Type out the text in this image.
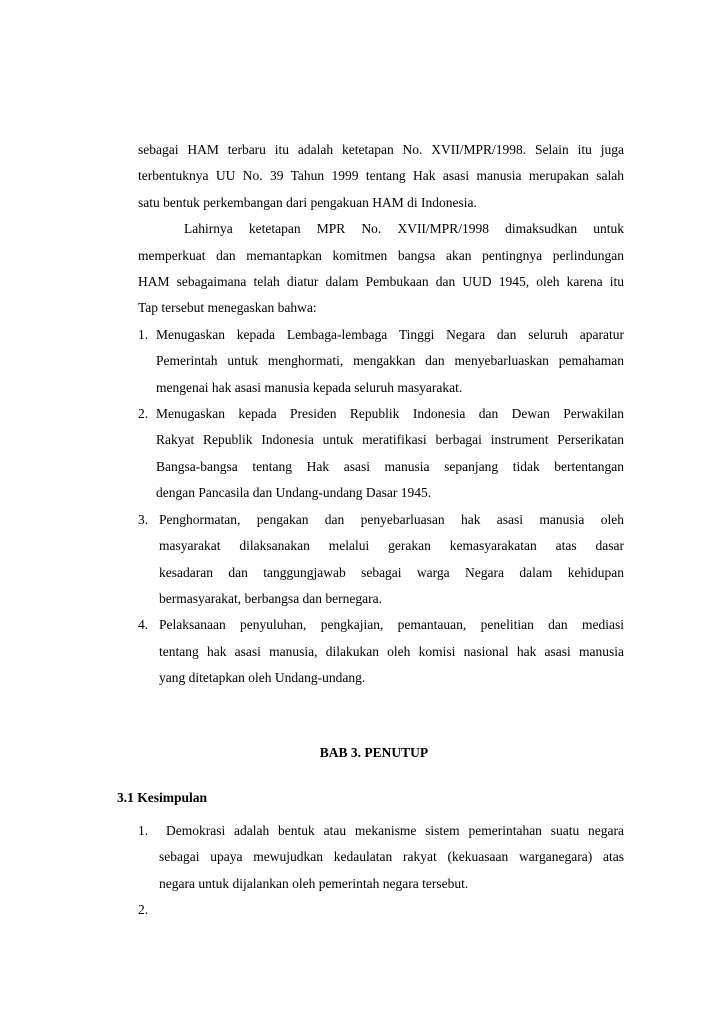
sebagai HAM terbaru itu adalah ketetapan No. XVII/MPR/1998. Selain itu juga
terbentuknya UU No. 39 Tahun 1999 tentang Hak asasi manusia merupakan salah
satu bentuk perkembangan dari pengakuan HAM di Indonesia.
Lahirnya ketetapan MPR No. XVII/MPR/1998 dimaksudkan untuk
memperkuat dan memantapkan komitmen bangsa akan pentingnya perlindungan
HAM sebagaimana telah diatur dalam Pembukaan dan UUD 1945, oleh karena itu
Tap tersebut menegaskan bahwa:
1. Menugaskan kepada Lembaga-lembaga Tinggi Negara dan seluruh aparatur
Pemerintah untuk menghormati, mengakkan dan menyebarluaskan pemahaman
mengenai hak asasi manusia kepada seluruh masyarakat.
2. Menugaskan kepada Presiden Republik Indonesia dan Dewan Perwakilan
Rakyat Republik Indonesia untuk meratifikasi berbagai instrument Perserikatan
Bangsa-bangsa tentang Hak asasi manusia sepanjang tidak bertentangan
dengan Pancasila dan Undang-undang Dasar 1945.
3. Penghormatan, pengakan dan penyebarluasan hak asasi manusia oleh
masyarakat dilaksanakan melalui gerakan kemasyarakatan atas dasar
kesadaran dan tanggungjawab sebagai warga Negara dalam kehidupan
bermasyarakat, berbangsa dan bernegara.
4. Pelaksanaan penyuluhan, pengkajian, pemantauan, penelitian dan mediasi
tentang hak asasi manusia, dilakukan oleh komisi nasional hak asasi manusia
yang ditetapkan oleh Undang-undang.
BAB 3. PENUTUP
3.1 Kesimpulan
1.	Demokrasi adalah bentuk atau mekanisme sistem pemerintahan suatu negara
sebagai upaya mewujudkan kedaulatan rakyat (kekuasaan warganegara) atas
negara untuk dijalankan oleh pemerintah negara tersebut.
2.
